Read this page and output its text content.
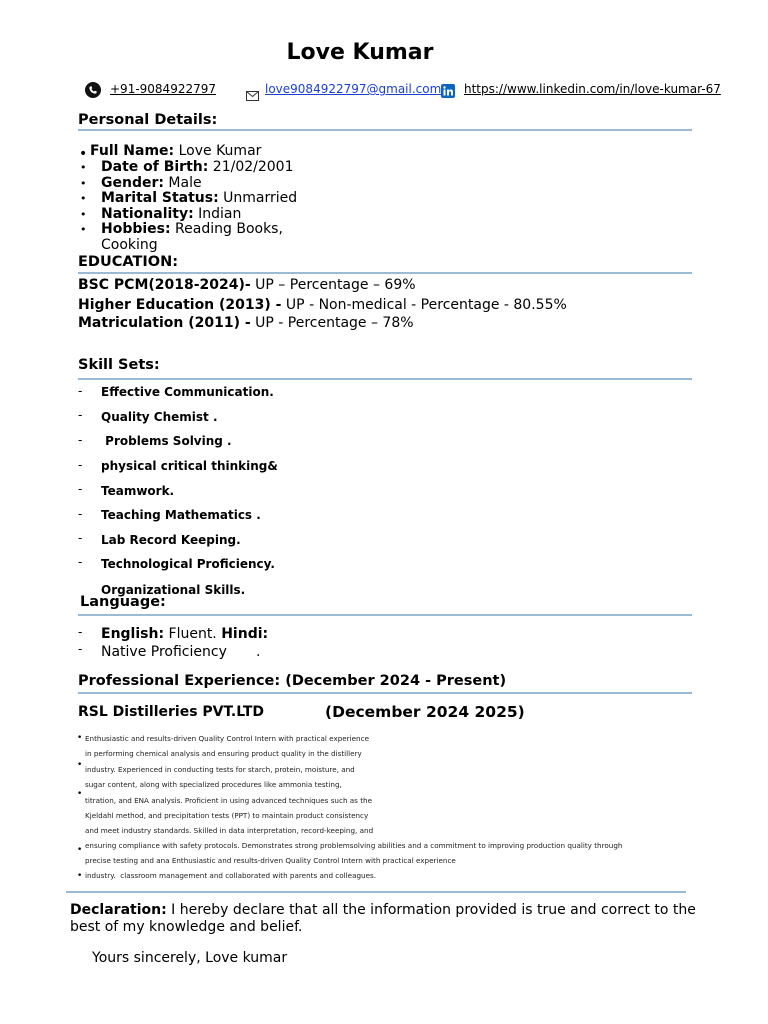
Love Kumar
+91-9084922797	love9084922797@gmail.com https://www.linkedin.com/in/love-kumar-67
Personal Details:
• Full Name: Love Kumar
• Date of Birth: 21/02/2001
• Gender: Male
• Marital Status: Unmarried
• Nationality: Indian
• Hobbies: Reading Books,
Cooking
EDUCATION:
BSC PCM(2018-2024)- UP – Percentage – 69%
Higher Education (2013) - UP - Non-medical - Percentage - 80.55%
Matriculation (2011) - UP - Percentage – 78%
Skill Sets:
- Effective Communication.
- Quality Chemist .
- Problems Solving .
- physical critical thinking&
- Teamwork.
- Teaching Mathematics .
- Lab Record Keeping.
- Technological Proficiency.
Organizational Skills.
Language:
- English: Fluent. Hindi:
- Native Proficiency .
Professional Experience: (December 2024 - Present)
RSL Distilleries PVT.LTD	(December 2024 2025)
• Enthusiastic and results-driven Quality Control Intern with practical experience
in performing chemical analysis and ensuring product quality in the distillery
• industry. Experienced in conducting tests for starch, protein, moisture, and
sugar content, along with specialized procedures like ammonia testing,
•
titration, and ENA analysis. Proficient in using advanced techniques such as the
Kjeldahl method, and precipitation tests (PPT) to maintain product consistency
and meet industry standards. Skilled in data interpretation, record-keeping, and
• ensuring compliance with safety protocols. Demonstrates strong problemsolving abilities and a commitment to improving production quality through
precise testing and ana Enthusiastic and results-driven Quality Control Intern with practical experience
• industry.  classroom management and collaborated with parents and colleagues.
Declaration: I hereby declare that all the information provided is true and correct to the best of my knowledge and belief.
Yours sincerely, Love kumar
